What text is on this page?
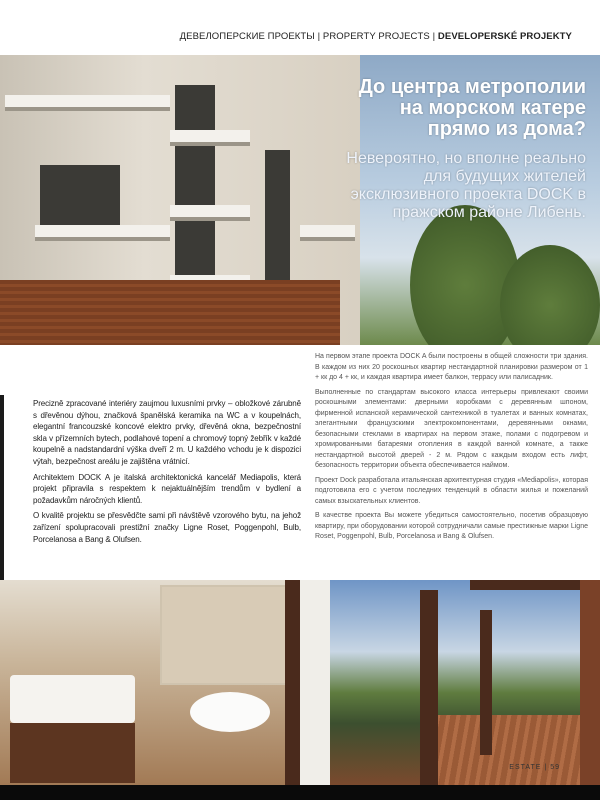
ДЕВЕЛОПЕРСКИЕ ПРОЕКТЫ | PROPERTY PROJECTS | DEVELOPERSKÉ PROJEKTY
До центра метрополии на морском катере прямо из дома?
Невероятно, но вполне реально для будущих жителей эксклюзивного проекта DOCK в пражском районе Либень.

На первом этапе проекта DOCK A были построены в общей сложности три здания. В каждом из них 20 роскошных квартир нестандартной планировки размером от 1 + кк до 4 + кк, и каждая квартира имеет балкон, террасу или палисадник.

Выполненные по стандартам высокого класса интерьеры привлекают своими роскошными элементами: дверными коробками с деревянным шпоном, фирменной испанской керамической сантехникой в туалетах и ванных комнатах, элегантными французскими электрокомпонентами, деревянными окнами, безопасными стеклами в квартирах на первом этаже, полами с подогревом и хромированными батареями отопления в каждой ванной комнате, а также нестандартной высотой дверей - 2 м. Рядом с каждым входом есть лифт, безопасность территории объекта обеспечивается наймом.

Проект Dock разработала итальянская архитектурная студия «Mediapolis», которая подготовила его с учетом последних тенденций в области жилья и пожеланий самых взыскательных клиентов.

В качестве проекта Вы можете убедиться самостоятельно, посетив образцовую квартиру, при оборудовании которой сотрудничали самые престижные марки Ligne Roset, Poggenpohl, Bulb, Porcelanosa и Bang & Olufsen.

Precizně zpracované interiéry zaujmou luxusními prvky – obložkové zárubně s dřevěnou dýhou, značková španělská keramika na WC a v koupelnách, elegantní francouzské koncové elektro prvky, dřevěná okna, bezpečnostní skla v přízemních bytech, podlahové topení a chromový topný žebřík v každé koupelně a nadstandardní výška dveří 2 m. U každého vchodu je k dispozici výtah, bezpečnost areálu je zajištěna vrátnicí.

Architektem DOCK A je italská architektonická kancelář Mediapolis, která projekt připravila s respektem k nejaktuálnějším trendům v bydlení a požadavkům náročných klientů.

O kvalitě projektu se přesvědčte sami při návštěvě vzorového bytu, na jehož zařízení spolupracovali prestižní značky Ligne Roset, Poggenpohl, Bulb, Porcelanosa a Bang & Olufsen.

ESTATE | 59
